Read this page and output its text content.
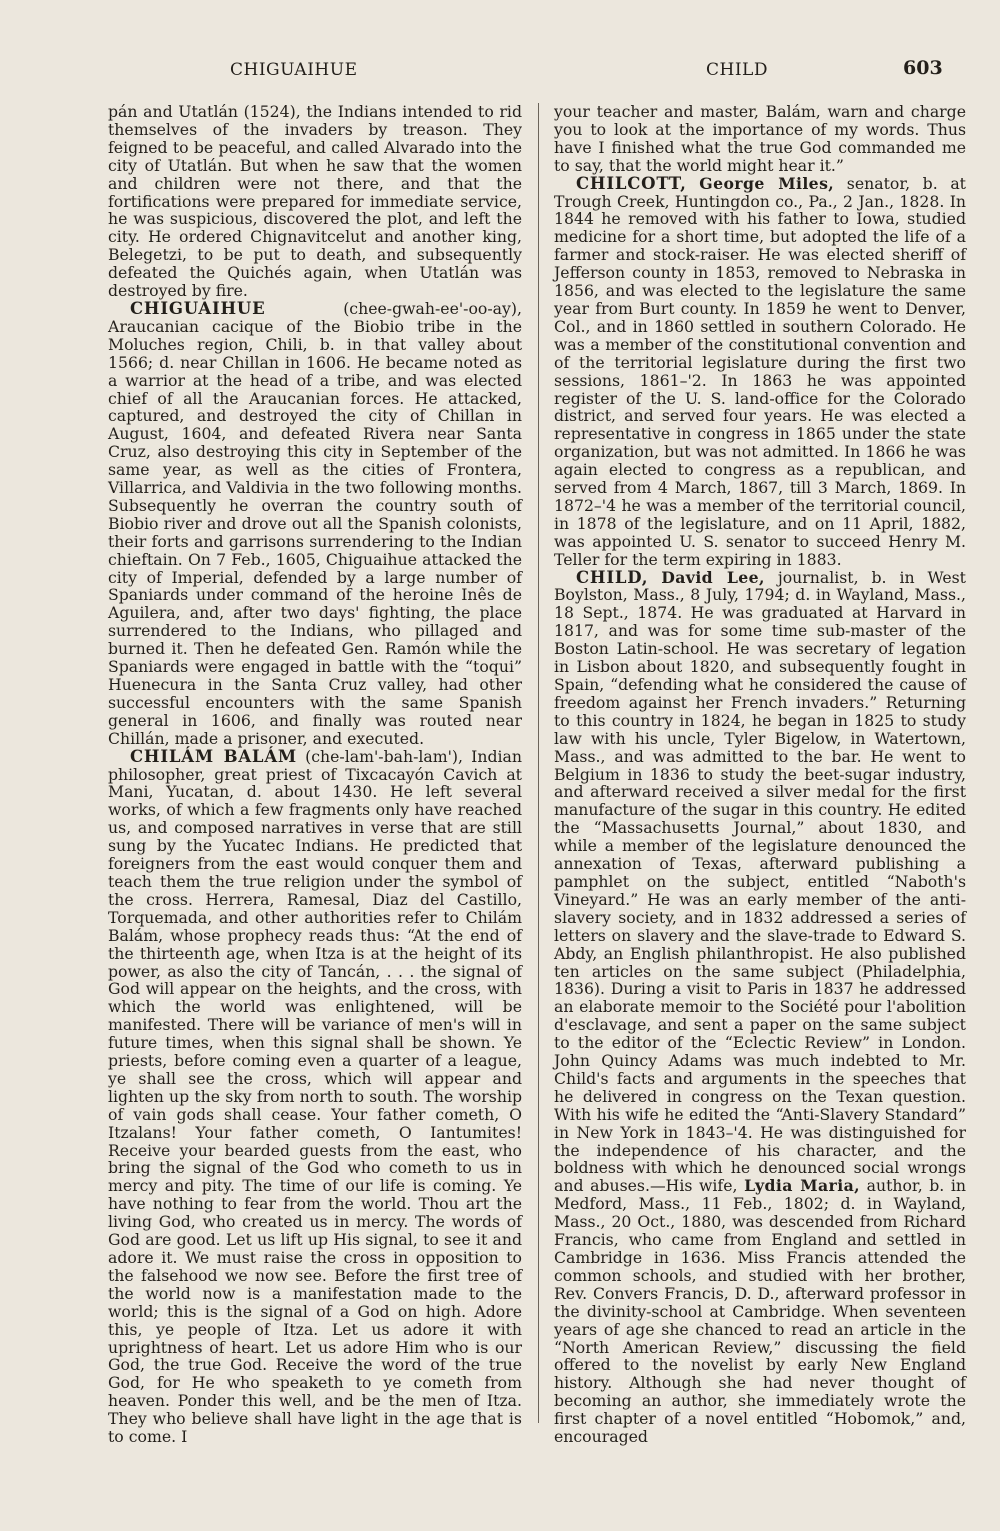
CHIGUAIHUE	CHILD	603

pán and Utatlán (1524), the Indians intended to rid themselves of the invaders by treason. They feigned to be peaceful, and called Alvarado into the city of Utatlán. But when he saw that the women and children were not there, and that the fortifications were prepared for immediate service, he was suspicious, discovered the plot, and left the city. He ordered Chignavitcelut and another king, Belegetzi, to be put to death, and subsequently defeated the Quichés again, when Utatlán was destroyed by fire.

CHIGUAIHUE	(chee-gwah-ee'-oo-ay), Araucanian cacique of the Biobio tribe in the Moluches region, Chili, b. in that valley about 1566; d. near Chillan in 1606. He became noted as a warrior at the head of a tribe, and was elected chief of all the Araucanian forces. He attacked, captured, and destroyed the city of Chillan in August, 1604, and defeated Rivera near Santa Cruz, also destroying this city in September of the same year, as well as the cities of Frontera, Villarrica, and Valdivia in the two following months. Subsequently he overran the country south of Biobio river and drove out all the Spanish colonists, their forts and garrisons surrendering to the Indian chieftain. On 7 Feb., 1605, Chiguaihue attacked the city of Imperial, defended by a large number of Spaniards under command of the heroine Inês de Aguilera, and, after two days' fighting, the place surrendered to the Indians, who pillaged and burned it. Then he defeated Gen. Ramón while the Spaniards were engaged in battle with the “toqui” Huenecura in the Santa Cruz valley, had other successful encounters with the same Spanish general in 1606, and finally was routed near Chillán, made a prisoner, and executed.

CHILÁM BALÁM (che-lam'-bah-lam'), Indian philosopher, great priest of Tixcacayón Cavich at Mani, Yucatan, d. about 1430. He left several works, of which a few fragments only have reached us, and composed narratives in verse that are still sung by the Yucatec Indians. He predicted that foreigners from the east would conquer them and teach them the true religion under the symbol of the cross. Herrera, Ramesal, Diaz del Castillo, Torquemada, and other authorities refer to Chilám Balám, whose prophecy reads thus: “At the end of the thirteenth age, when Itza is at the height of its power, as also the city of Tancán, . . . the signal of God will appear on the heights, and the cross, with which the world was enlightened, will be manifested. There will be variance of men's will in future times, when this signal shall be shown. Ye priests, before coming even a quarter of a league, ye shall see the cross, which will appear and lighten up the sky from north to south. The worship of vain gods shall cease. Your father cometh, O Itzalans! Your father cometh, O Iantumites! Receive your bearded guests from the east, who bring the signal of the God who cometh to us in mercy and pity. The time of our life is coming. Ye have nothing to fear from the world. Thou art the living God, who created us in mercy. The words of God are good. Let us lift up His signal, to see it and adore it. We must raise the cross in opposition to the falsehood we now see. Before the first tree of the world now is a manifestation made to the world; this is the signal of a God on high. Adore this, ye people of Itza. Let us adore it with uprightness of heart. Let us adore Him who is our God, the true God. Receive the word of the true God, for He who speaketh to ye cometh from heaven. Ponder this well, and be the men of Itza. They who believe shall have light in the age that is to come. I

your teacher and master, Balám, warn and charge you to look at the importance of my words. Thus have I finished what the true God commanded me to say, that the world might hear it.”

CHILCOTT, George Miles, senator, b. at Trough Creek, Huntingdon co., Pa., 2 Jan., 1828. In 1844 he removed with his father to Iowa, studied medicine for a short time, but adopted the life of a farmer and stock-raiser. He was elected sheriff of Jefferson county in 1853, removed to Nebraska in 1856, and was elected to the legislature the same year from Burt county. In 1859 he went to Denver, Col., and in 1860 settled in southern Colorado. He was a member of the constitutional convention and of the territorial legislature during the first two sessions, 1861–'2. In 1863 he was appointed register of the U. S. land-office for the Colorado district, and served four years. He was elected a representative in congress in 1865 under the state organization, but was not admitted. In 1866 he was again elected to congress as a republican, and served from 4 March, 1867, till 3 March, 1869. In 1872–'4 he was a member of the territorial council, in 1878 of the legislature, and on 11 April, 1882, was appointed U. S. senator to succeed Henry M. Teller for the term expiring in 1883.

CHILD, David Lee, journalist, b. in West Boylston, Mass., 8 July, 1794; d. in Wayland, Mass., 18 Sept., 1874. He was graduated at Harvard in 1817, and was for some time sub-master of the Boston Latin-school. He was secretary of legation in Lisbon about 1820, and subsequently fought in Spain, “defending what he considered the cause of freedom against her French invaders.” Returning to this country in 1824, he began in 1825 to study law with his uncle, Tyler Bigelow, in Watertown, Mass., and was admitted to the bar. He went to Belgium in 1836 to study the beet-sugar industry, and afterward received a silver medal for the first manufacture of the sugar in this country. He edited the “Massachusetts Journal,” about 1830, and while a member of the legislature denounced the annexation of Texas, afterward publishing a pamphlet on the subject, entitled “Naboth's Vineyard.” He was an early member of the anti-slavery society, and in 1832 addressed a series of letters on slavery and the slave-trade to Edward S. Abdy, an English philanthropist. He also published ten articles on the same subject (Philadelphia, 1836). During a visit to Paris in 1837 he addressed an elaborate memoir to the Société pour l'abolition d'esclavage, and sent a paper on the same subject to the editor of the “Eclectic Review” in London. John Quincy Adams was much indebted to Mr. Child's facts and arguments in the speeches that he delivered in congress on the Texan question. With his wife he edited the “Anti-Slavery Standard” in New York in 1843–'4. He was distinguished for the independence of his character, and the boldness with which he denounced social wrongs and abuses.—His wife, Lydia Maria, author, b. in Medford, Mass., 11 Feb., 1802; d. in Wayland, Mass., 20 Oct., 1880, was descended from Richard Francis, who came from England and settled in Cambridge in 1636. Miss Francis attended the common schools, and studied with her brother, Rev. Convers Francis, D. D., afterward professor in the divinity-school at Cambridge. When seventeen years of age she chanced to read an article in the “North American Review,” discussing the field offered to the novelist by early New England history. Although she had never thought of becoming an author, she immediately wrote the first chapter of a novel entitled “Hobomok,” and, encouraged
